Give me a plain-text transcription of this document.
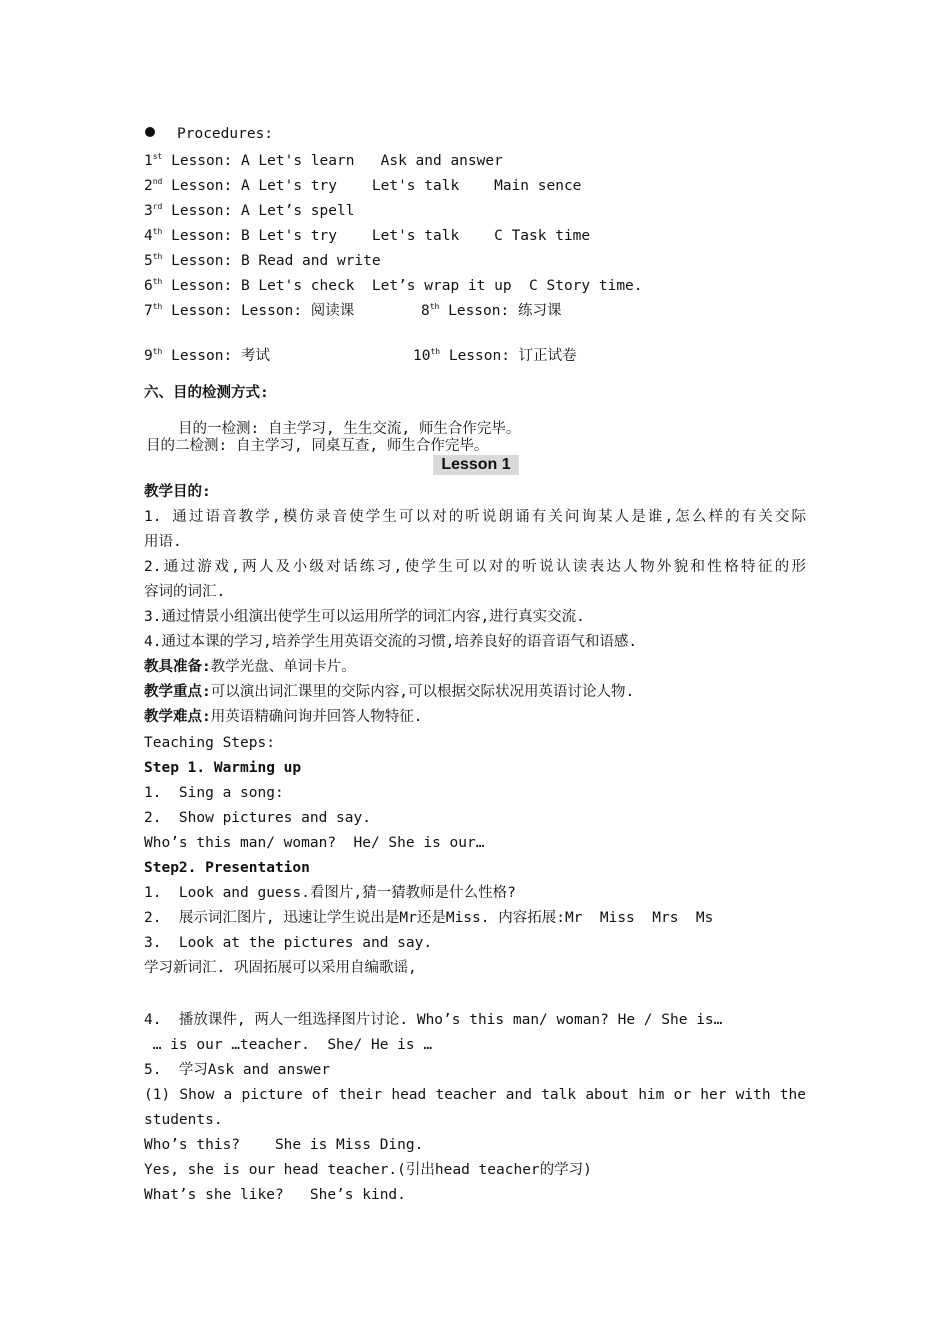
Procedures:
1st Lesson: A Let's learn   Ask and answer
2nd Lesson: A Let's try    Let's talk    Main sence
3rd Lesson: A Let’s spell
4th Lesson: B Let's try    Let's talk    C Task time
5th Lesson: B Read and write
6th Lesson: B Let's check  Let’s wrap it up  C Story time.
7th Lesson: Lesson: 阅读课	8th Lesson: 练习课
9th Lesson: 考试	10th Lesson: 订正试卷
六、目的检测方式:
目的一检测: 自主学习, 生生交流, 师生合作完毕。
目的二检测: 自主学习, 同桌互查, 师生合作完毕。
Lesson 1
教学目的:
1. 通过语音教学,模仿录音使学生可以对的听说朗诵有关问询某人是谁,怎么样的有关交际
用语.
2.通过游戏,两人及小级对话练习,使学生可以对的听说认读表达人物外貌和性格特征的形
容词的词汇.
3.通过情景小组演出使学生可以运用所学的词汇内容,进行真实交流.
4.通过本课的学习,培养学生用英语交流的习惯,培养良好的语音语气和语感.
教具准备:教学光盘、单词卡片。
教学重点:可以演出词汇课里的交际内容,可以根据交际状况用英语讨论人物.
教学难点:用英语精确问询并回答人物特征.
Teaching Steps:
Step 1. Warming up
1.  Sing a song:
2.  Show pictures and say.
Who’s this man/ woman?  He/ She is our…
Step2. Presentation
1.  Look and guess.看图片,猜一猜教师是什么性格?
2.  展示词汇图片, 迅速让学生说出是Mr还是Miss. 内容拓展:Mr  Miss  Mrs  Ms
3.  Look at the pictures and say.
学习新词汇. 巩固拓展可以采用自编歌谣,
4.  播放课件, 两人一组选择图片讨论. Who’s this man/ woman? He / She is…
… is our …teacher.  She/ He is …
5.  学习Ask and answer
(1) Show a picture of their head teacher and talk about him or her with the
students.
Who’s this?    She is Miss Ding.
Yes, she is our head teacher.(引出head teacher的学习)
What’s she like?   She’s kind.
